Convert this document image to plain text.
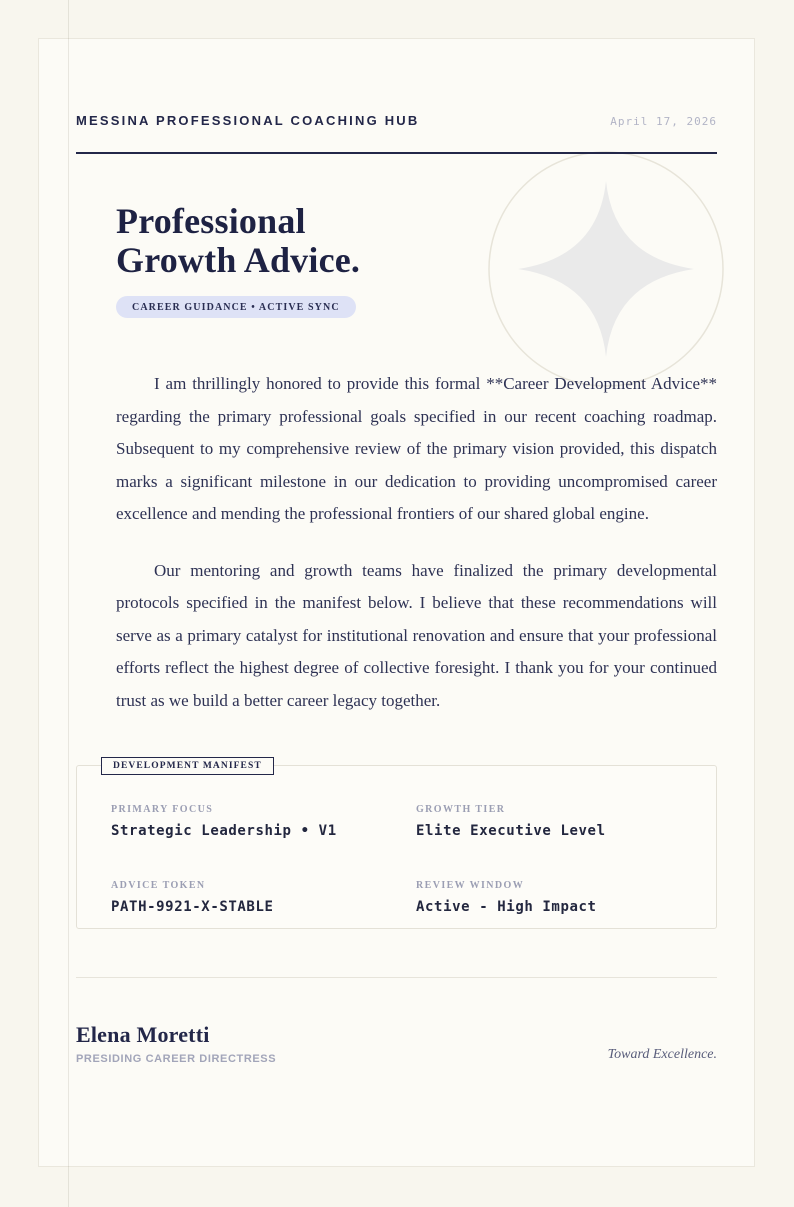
MESSINA PROFESSIONAL COACHING HUB	April 17, 2026
Professional
Growth Advice.
CAREER GUIDANCE • ACTIVE SYNC

I am thrillingly honored to provide this formal **Career Development Advice** regarding the primary professional goals specified in our recent coaching roadmap. Subsequent to my comprehensive review of the primary vision provided, this dispatch marks a significant milestone in our dedication to providing uncompromised career excellence and mending the professional frontiers of our shared global engine.

Our mentoring and growth teams have finalized the primary developmental protocols specified in the manifest below. I believe that these recommendations will serve as a primary catalyst for institutional renovation and ensure that your professional efforts reflect the highest degree of collective foresight. I thank you for your continued trust as we build a better career legacy together.

DEVELOPMENT MANIFEST
PRIMARY FOCUS
Strategic Leadership • V1
GROWTH TIER
Elite Executive Level
ADVICE TOKEN
PATH-9921-X-STABLE
REVIEW WINDOW
Active - High Impact
Elena Moretti
PRESIDING CAREER DIRECTRESS	Toward Excellence.
